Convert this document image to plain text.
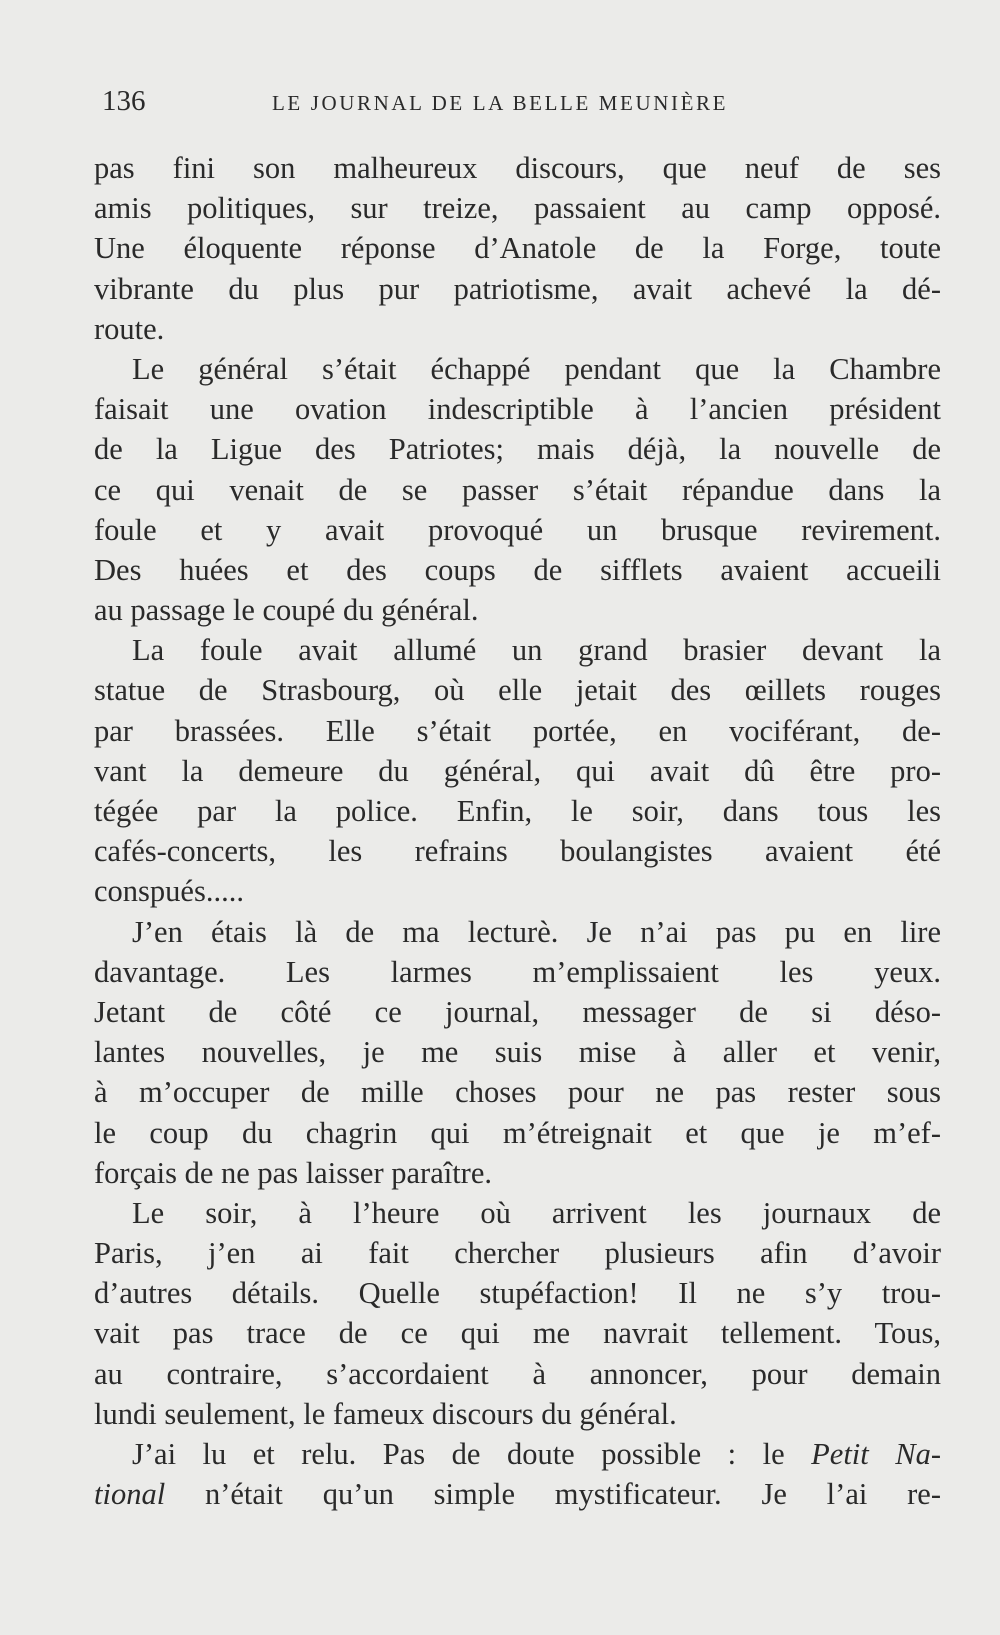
136	LE JOURNAL DE LA BELLE MEUNIÈRE
pas fini son malheureux discours, que neuf de ses
amis politiques, sur treize, passaient au camp opposé.
Une éloquente réponse d’Anatole de la Forge, toute
vibrante du plus pur patriotisme, avait achevé la dé-
route.
Le général s’était échappé pendant que la Chambre
faisait une ovation indescriptible à l’ancien président
de la Ligue des Patriotes; mais déjà, la nouvelle de
ce qui venait de se passer s’était répandue dans la
foule et y avait provoqué un brusque revirement.
Des huées et des coups de sifflets avaient accueili
au passage le coupé du général.
La foule avait allumé un grand brasier devant la
statue de Strasbourg, où elle jetait des œillets rouges
par brassées. Elle s’était portée, en vociférant, de-
vant la demeure du général, qui avait dû être pro-
tégée par la police. Enfin, le soir, dans tous les
cafés-concerts, les refrains boulangistes avaient été
conspués.....
J’en étais là de ma lecturè. Je n’ai pas pu en lire
davantage. Les larmes m’emplissaient les yeux.
Jetant de côté ce journal, messager de si déso-
lantes nouvelles, je me suis mise à aller et venir,
à m’occuper de mille choses pour ne pas rester sous
le coup du chagrin qui m’étreignait et que je m’ef-
forçais de ne pas laisser paraître.
Le soir, à l’heure où arrivent les journaux de
Paris, j’en ai fait chercher plusieurs afin d’avoir
d’autres détails. Quelle stupéfaction! Il ne s’y trou-
vait pas trace de ce qui me navrait tellement. Tous,
au contraire, s’accordaient à annoncer, pour demain
lundi seulement, le fameux discours du général.
J’ai lu et relu. Pas de doute possible : le Petit Na-
tional n’était qu’un simple mystificateur. Je l’ai re-
